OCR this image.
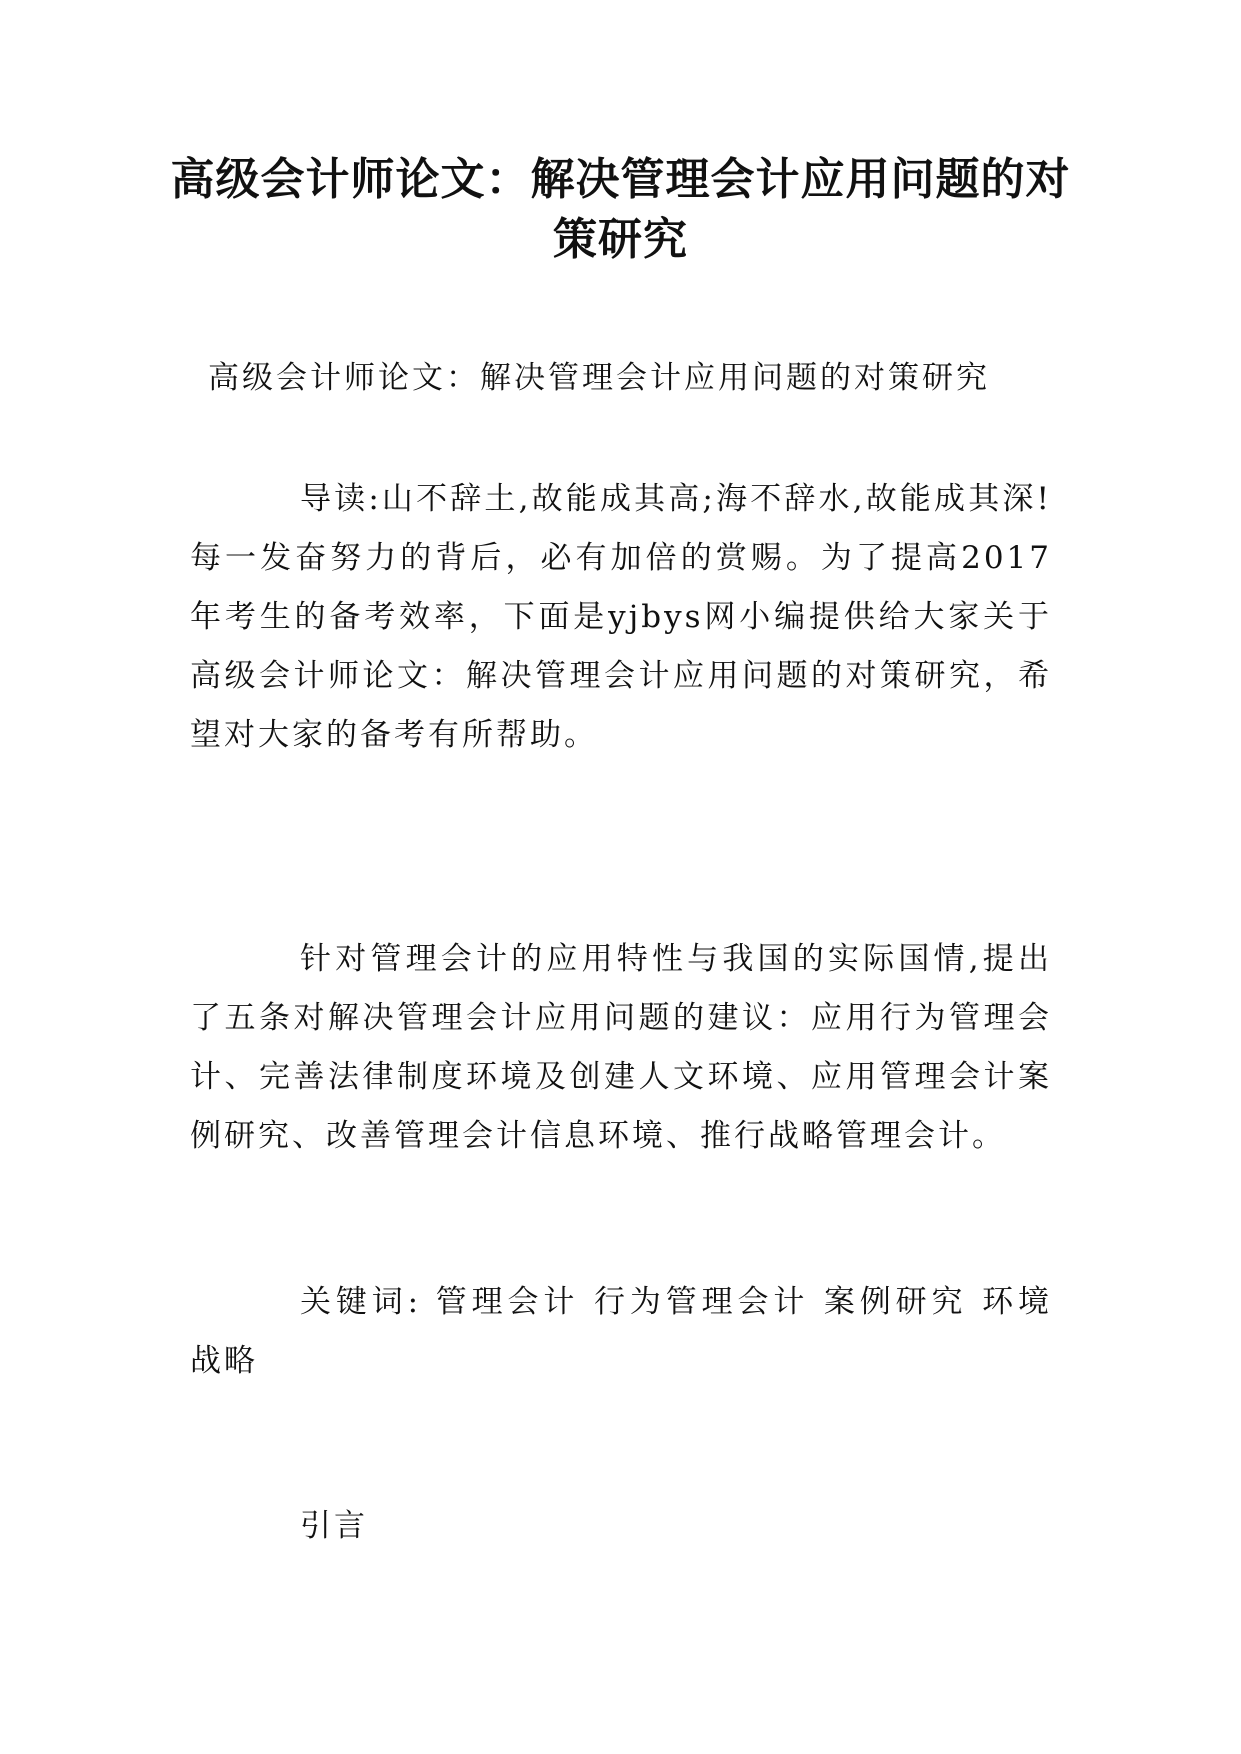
高级会计师论文：解决管理会计应用问题的对策研究

高级会计师论文：解决管理会计应用问题的对策研究

导读:山不辞土,故能成其高;海不辞水,故能成其深!每一发奋努力的背后，必有加倍的赏赐。为了提高2017年考生的备考效率，下面是yjbys网小编提供给大家关于高级会计师论文：解决管理会计应用问题的对策研究，希望对大家的备考有所帮助。

针对管理会计的应用特性与我国的实际国情,提出了五条对解决管理会计应用问题的建议：应用行为管理会计、完善法律制度环境及创建人文环境、应用管理会计案例研究、改善管理会计信息环境、推行战略管理会计。

关键词: 管理会计 行为管理会计 案例研究 环境 战略

引言
